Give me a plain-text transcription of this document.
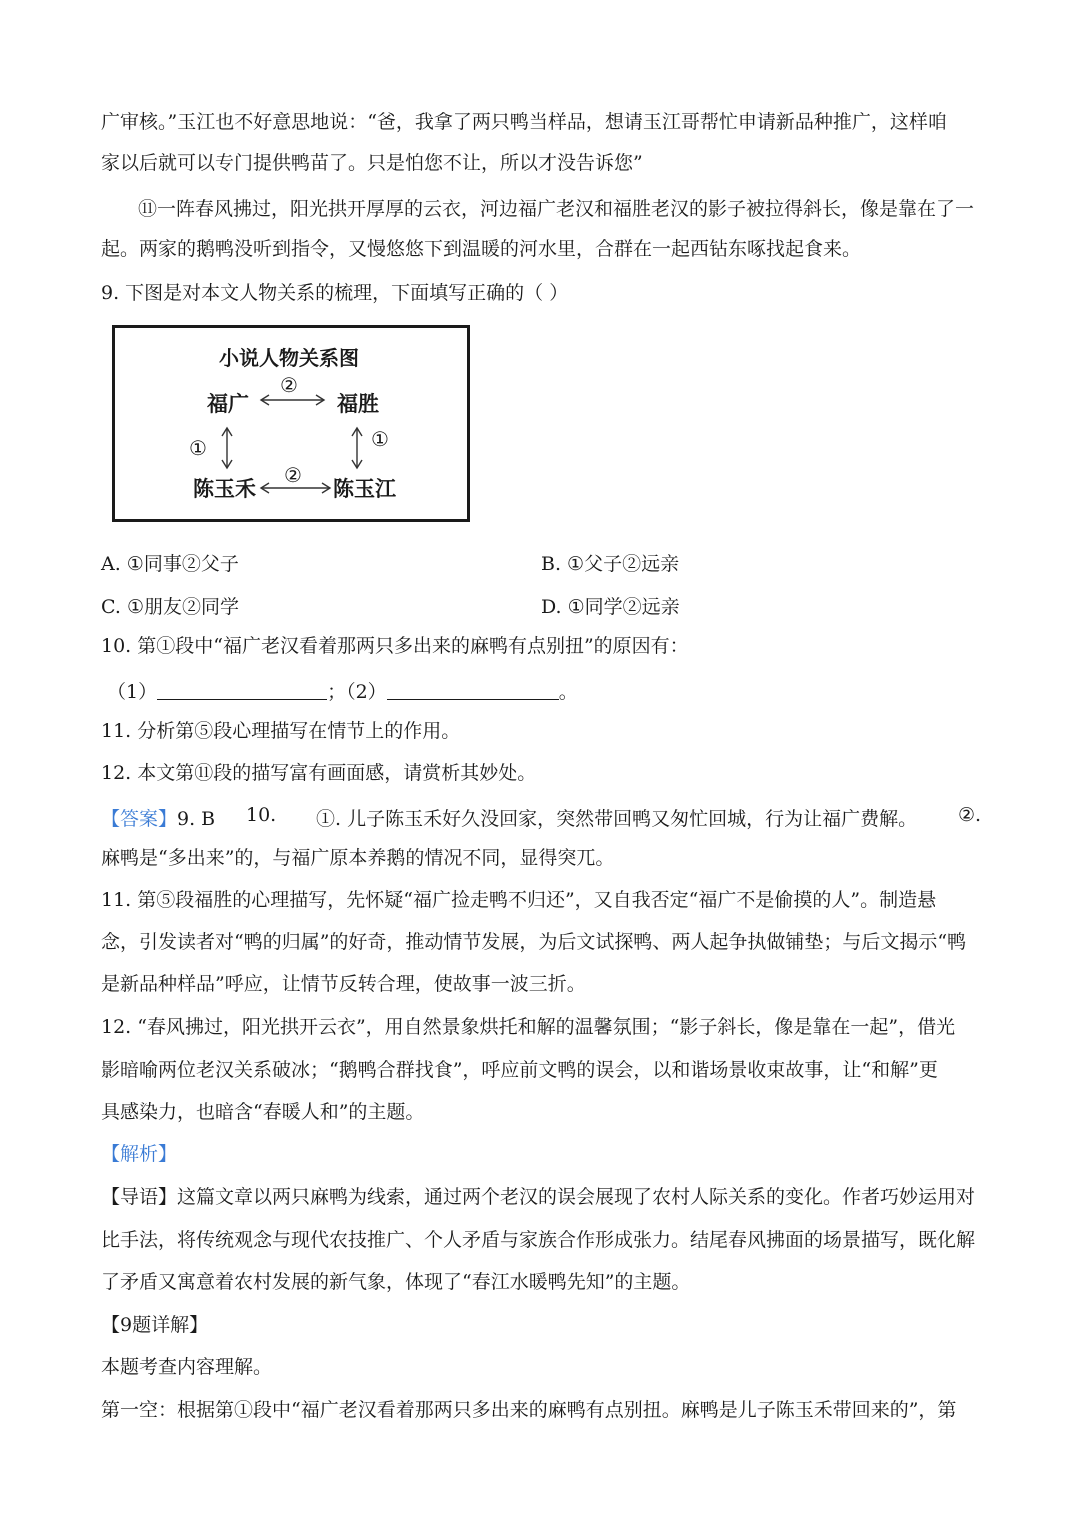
广审核。”玉江也不好意思地说：“爸，我拿了两只鸭当样品，想请玉江哥帮忙申请新品种推广，这样咱
家以后就可以专门提供鸭苗了。只是怕您不让，所以才没告诉您”
⑪一阵春风拂过，阳光拱开厚厚的云衣，河边福广老汉和福胜老汉的影子被拉得斜长，像是靠在了一
起。两家的鹅鸭没听到指令，又慢悠悠下到温暖的河水里，合群在一起西钻东啄找起食来。
9. 下图是对本文人物关系的梳理，下面填写正确的（ ）
小说人物关系图
福广	福胜
陈玉禾	陈玉江
②
②
①	①
A. ①同事②父子	B. ①父子②远亲
C. ①朋友②同学	D. ①同学②远亲
10. 第①段中“福广老汉看着那两只多出来的麻鸭有点别扭”的原因有：
（1）	；（2）	。
11. 分析第⑤段心理描写在情节上的作用。
12. 本文第⑪段的描写富有画面感，请赏析其妙处。
【答案】9. B 10. ①. 儿子陈玉禾好久没回家，突然带回鸭又匆忙回城，行为让福广费解。 ②.
麻鸭是“多出来”的，与福广原本养鹅的情况不同，显得突兀。
11. 第⑤段福胜的心理描写，先怀疑“福广捡走鸭不归还”，又自我否定“福广不是偷摸的人”。制造悬
念，引发读者对“鸭的归属”的好奇，推动情节发展，为后文试探鸭、两人起争执做铺垫；与后文揭示“鸭
是新品种样品”呼应，让情节反转合理，使故事一波三折。
12. “春风拂过，阳光拱开云衣”，用自然景象烘托和解的温馨氛围；“影子斜长，像是靠在一起”，借光
影暗喻两位老汉关系破冰；“鹅鸭合群找食”，呼应前文鸭的误会，以和谐场景收束故事，让“和解”更
具感染力，也暗含“春暖人和”的主题。
【解析】
【导语】这篇文章以两只麻鸭为线索，通过两个老汉的误会展现了农村人际关系的变化。作者巧妙运用对
比手法，将传统观念与现代农技推广、个人矛盾与家族合作形成张力。结尾春风拂面的场景描写，既化解
了矛盾又寓意着农村发展的新气象，体现了“春江水暖鸭先知”的主题。
【9题详解】
本题考查内容理解。
第一空：根据第①段中“福广老汉看着那两只多出来的麻鸭有点别扭。麻鸭是儿子陈玉禾带回来的”，第
